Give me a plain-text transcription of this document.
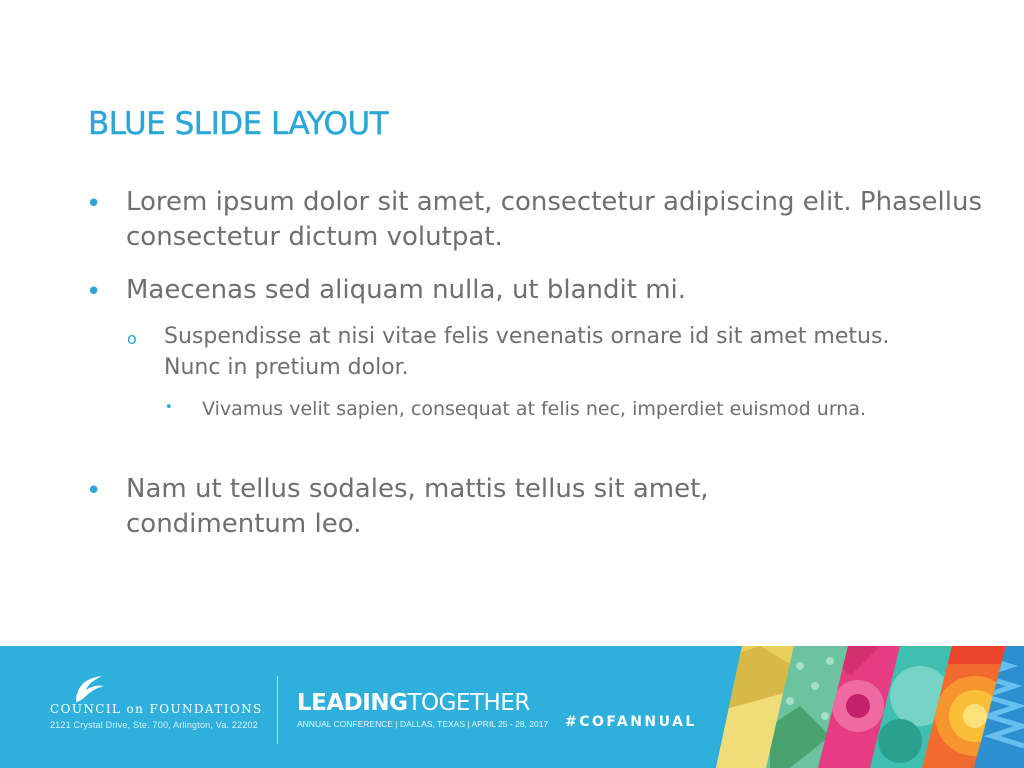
BLUE SLIDE LAYOUT
• Lorem ipsum dolor sit amet, consectetur adipiscing elit. Phasellus consectetur dictum volutpat.
• Maecenas sed aliquam nulla, ut blandit mi.
o Suspendisse at nisi vitae felis venenatis ornare id sit amet metus. Nunc in pretium dolor.
• Vivamus velit sapien, consequat at felis nec, imperdiet euismod urna.
• Nam ut tellus sodales, mattis tellus sit amet, condimentum leo.
COUNCIL on FOUNDATIONS
2121 Crystal Drive, Ste. 700, Arlington, Va. 22202
LEADINGTOGETHER
ANNUAL CONFERENCE | DALLAS, TEXAS | APRIL 25 - 28, 2017 #COFANNUAL
